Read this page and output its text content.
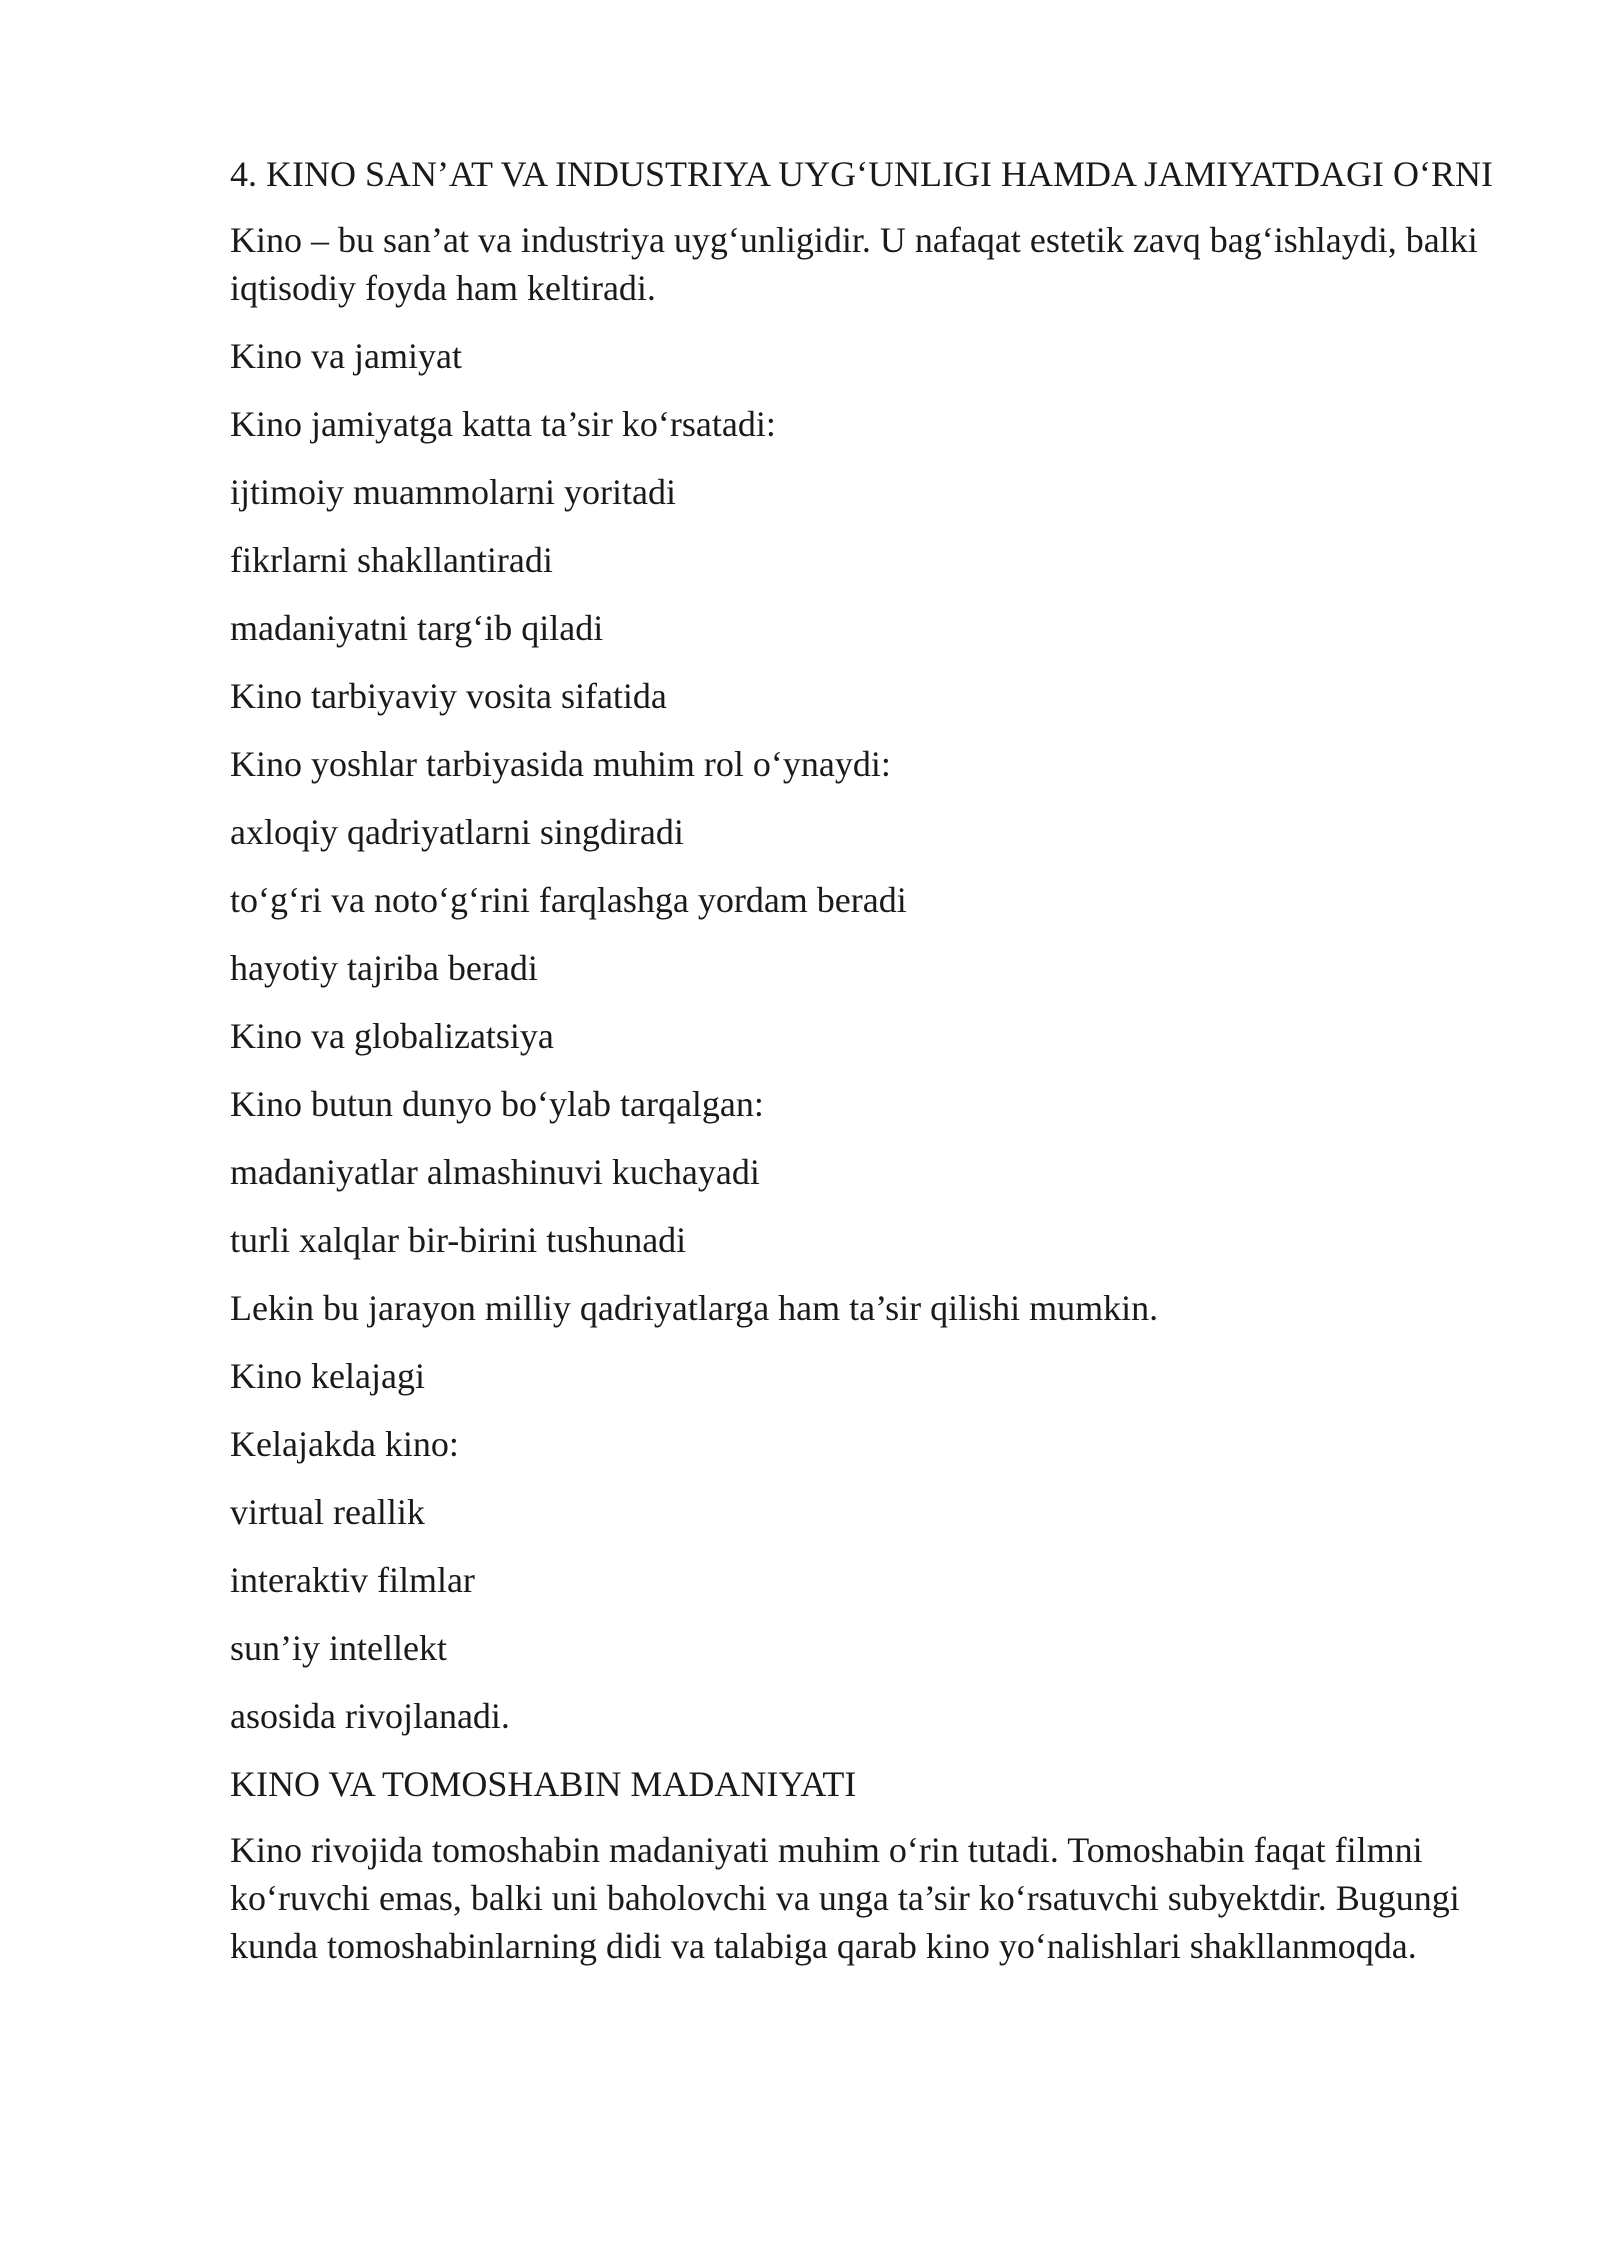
4. KINO SAN’AT VA INDUSTRIYA UYG‘UNLIGI HAMDA JAMIYATDAGI O‘RNI

Kino – bu san’at va industriya uyg‘unligidir. U nafaqat estetik zavq bag‘ishlaydi, balki iqtisodiy foyda ham keltiradi.

Kino va jamiyat

Kino jamiyatga katta ta’sir ko‘rsatadi:

ijtimoiy muammolarni yoritadi

fikrlarni shakllantiradi

madaniyatni targ‘ib qiladi

Kino tarbiyaviy vosita sifatida

Kino yoshlar tarbiyasida muhim rol o‘ynaydi:

axloqiy qadriyatlarni singdiradi

to‘g‘ri va noto‘g‘rini farqlashga yordam beradi

hayotiy tajriba beradi

Kino va globalizatsiya

Kino butun dunyo bo‘ylab tarqalgan:

madaniyatlar almashinuvi kuchayadi

turli xalqlar bir-birini tushunadi

Lekin bu jarayon milliy qadriyatlarga ham ta’sir qilishi mumkin.

Kino kelajagi

Kelajakda kino:

virtual reallik

interaktiv filmlar

sun’iy intellekt

asosida rivojlanadi.

KINO VA TOMOSHABIN MADANIYATI

Kino rivojida tomoshabin madaniyati muhim o‘rin tutadi. Tomoshabin faqat filmni ko‘ruvchi emas, balki uni baholovchi va unga ta’sir ko‘rsatuvchi subyektdir. Bugungi kunda tomoshabinlarning didi va talabiga qarab kino yo‘nalishlari shakllanmoqda.
